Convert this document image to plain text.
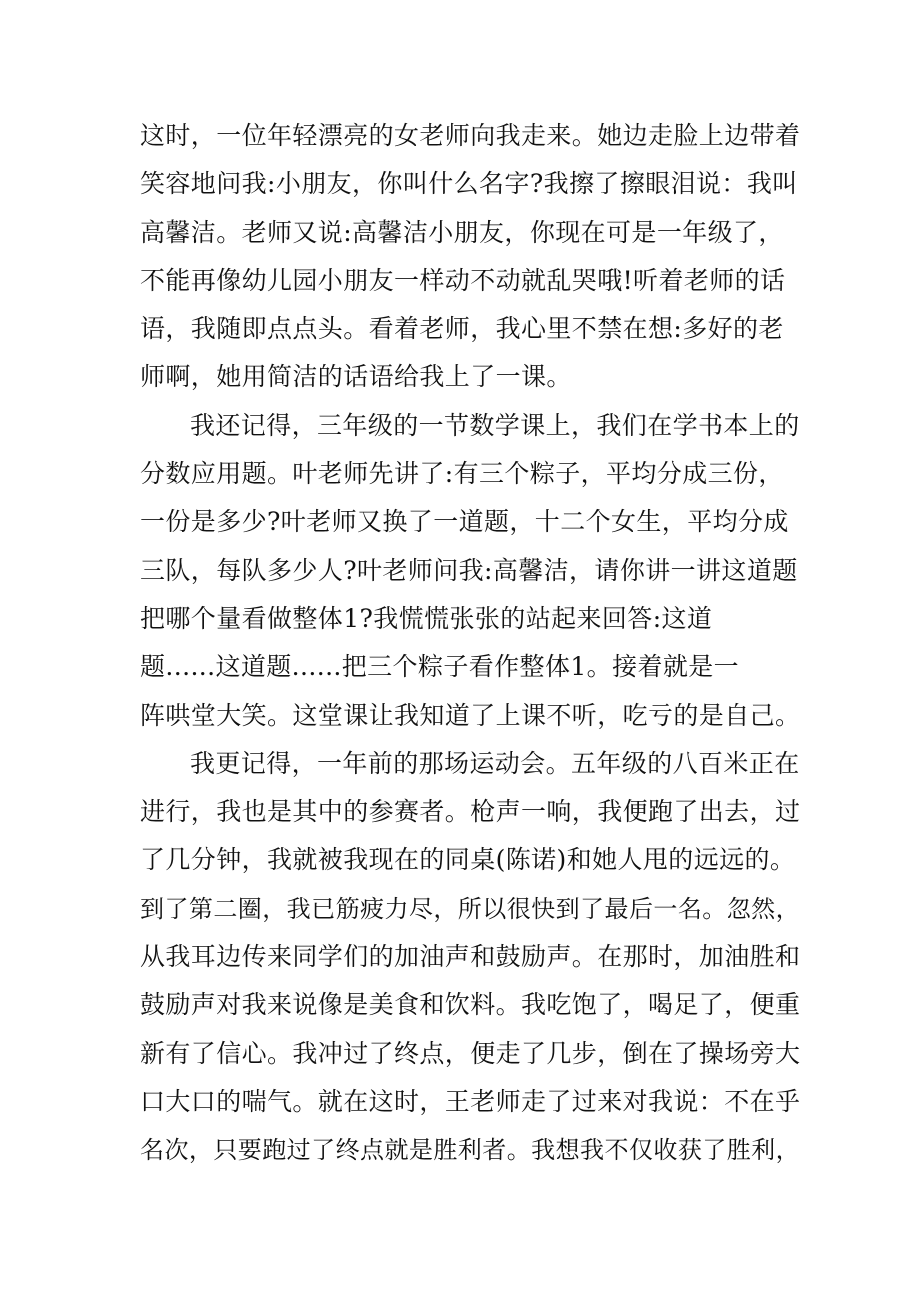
这时，一位年轻漂亮的女老师向我走来。她边走脸上边带着
笑容地问我:小朋友，你叫什么名字?我擦了擦眼泪说：我叫
高馨洁。老师又说:高馨洁小朋友，你现在可是一年级了，
不能再像幼儿园小朋友一样动不动就乱哭哦!听着老师的话
语，我随即点点头。看着老师，我心里不禁在想:多好的老
师啊，她用简洁的话语给我上了一课。
我还记得，三年级的一节数学课上，我们在学书本上的
分数应用题。叶老师先讲了:有三个粽子，平均分成三份，
一份是多少?叶老师又换了一道题，十二个女生，平均分成
三队，每队多少人?叶老师问我:高馨洁，请你讲一讲这道题
把哪个量看做整体1?我慌慌张张的站起来回答:这道
题......这道题......把三个粽子看作整体1。接着就是一
阵哄堂大笑。这堂课让我知道了上课不听，吃亏的是自己。
我更记得，一年前的那场运动会。五年级的八百米正在
进行，我也是其中的参赛者。枪声一响，我便跑了出去，过
了几分钟，我就被我现在的同桌(陈诺)和她人甩的远远的。
到了第二圈，我已筋疲力尽，所以很快到了最后一名。忽然，
从我耳边传来同学们的加油声和鼓励声。在那时，加油胜和
鼓励声对我来说像是美食和饮料。我吃饱了，喝足了，便重
新有了信心。我冲过了终点，便走了几步，倒在了操场旁大
口大口的喘气。就在这时，王老师走了过来对我说：不在乎
名次，只要跑过了终点就是胜利者。我想我不仅收获了胜利，
